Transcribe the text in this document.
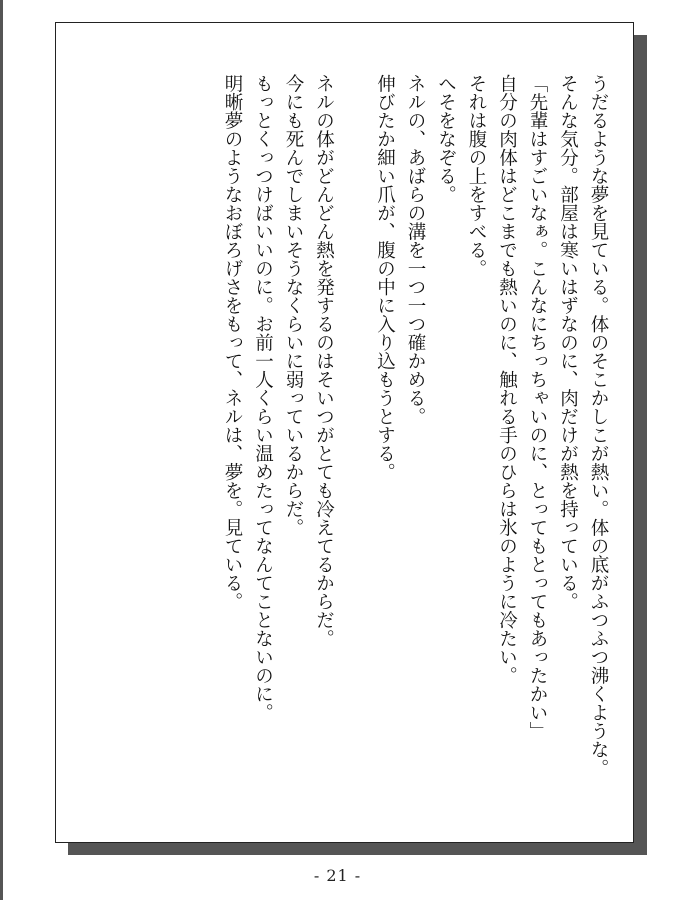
うだるような夢を見ている。体のそこかしこが熱い。体の底がふつふつ沸くような。
そんな気分。部屋は寒いはずなのに、肉だけが熱を持っている。
「先輩はすごいなぁ。こんなにちっちゃいのに、とってもとってもあったかい」
自分の肉体はどこまでも熱いのに、触れる手のひらは氷のように冷たい。
それは腹の上をすべる。
へそをなぞる。
ネルの、あばらの溝を一つ一つ確かめる。
伸びたか細い爪が、腹の中に入り込もうとする。
ネルの体がどんどん熱を発するのはそいつがとても冷えてるからだ。
今にも死んでしまいそうなくらいに弱っているからだ。
もっとくっつけばいいのに。お前一人くらい温めたってなんてことないのに。
明晰夢のようなおぼろげさをもって、ネルは、夢を。見ている。
- 21 -
